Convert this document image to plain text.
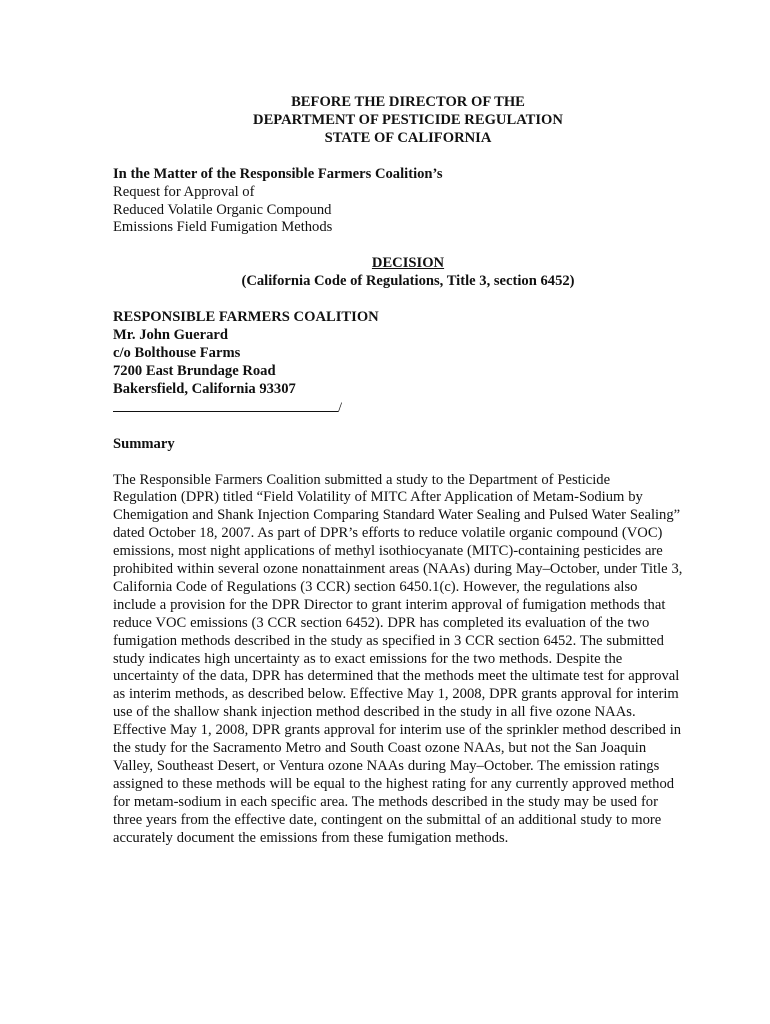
BEFORE THE DIRECTOR OF THE
DEPARTMENT OF PESTICIDE REGULATION
STATE OF CALIFORNIA
In the Matter of the Responsible Farmers Coalition’s
Request for Approval of
Reduced Volatile Organic Compound
Emissions Field Fumigation Methods
DECISION
(California Code of Regulations, Title 3, section 6452)
RESPONSIBLE FARMERS COALITION
Mr. John Guerard
c/o Bolthouse Farms
7200 East Brundage Road
Bakersfield, California 93307
/
Summary
The Responsible Farmers Coalition submitted a study to the Department of Pesticide
Regulation (DPR) titled “Field Volatility of MITC After Application of Metam-Sodium by
Chemigation and Shank Injection Comparing Standard Water Sealing and Pulsed Water Sealing”
dated October 18, 2007. As part of DPR’s efforts to reduce volatile organic compound (VOC)
emissions, most night applications of methyl isothiocyanate (MITC)-containing pesticides are
prohibited within several ozone nonattainment areas (NAAs) during May–October, under Title 3,
California Code of Regulations (3 CCR) section 6450.1(c). However, the regulations also
include a provision for the DPR Director to grant interim approval of fumigation methods that
reduce VOC emissions (3 CCR section 6452). DPR has completed its evaluation of the two
fumigation methods described in the study as specified in 3 CCR section 6452. The submitted
study indicates high uncertainty as to exact emissions for the two methods. Despite the
uncertainty of the data, DPR has determined that the methods meet the ultimate test for approval
as interim methods, as described below. Effective May 1, 2008, DPR grants approval for interim
use of the shallow shank injection method described in the study in all five ozone NAAs.
Effective May 1, 2008, DPR grants approval for interim use of the sprinkler method described in
the study for the Sacramento Metro and South Coast ozone NAAs, but not the San Joaquin
Valley, Southeast Desert, or Ventura ozone NAAs during May–October. The emission ratings
assigned to these methods will be equal to the highest rating for any currently approved method
for metam-sodium in each specific area. The methods described in the study may be used for
three years from the effective date, contingent on the submittal of an additional study to more
accurately document the emissions from these fumigation methods.
